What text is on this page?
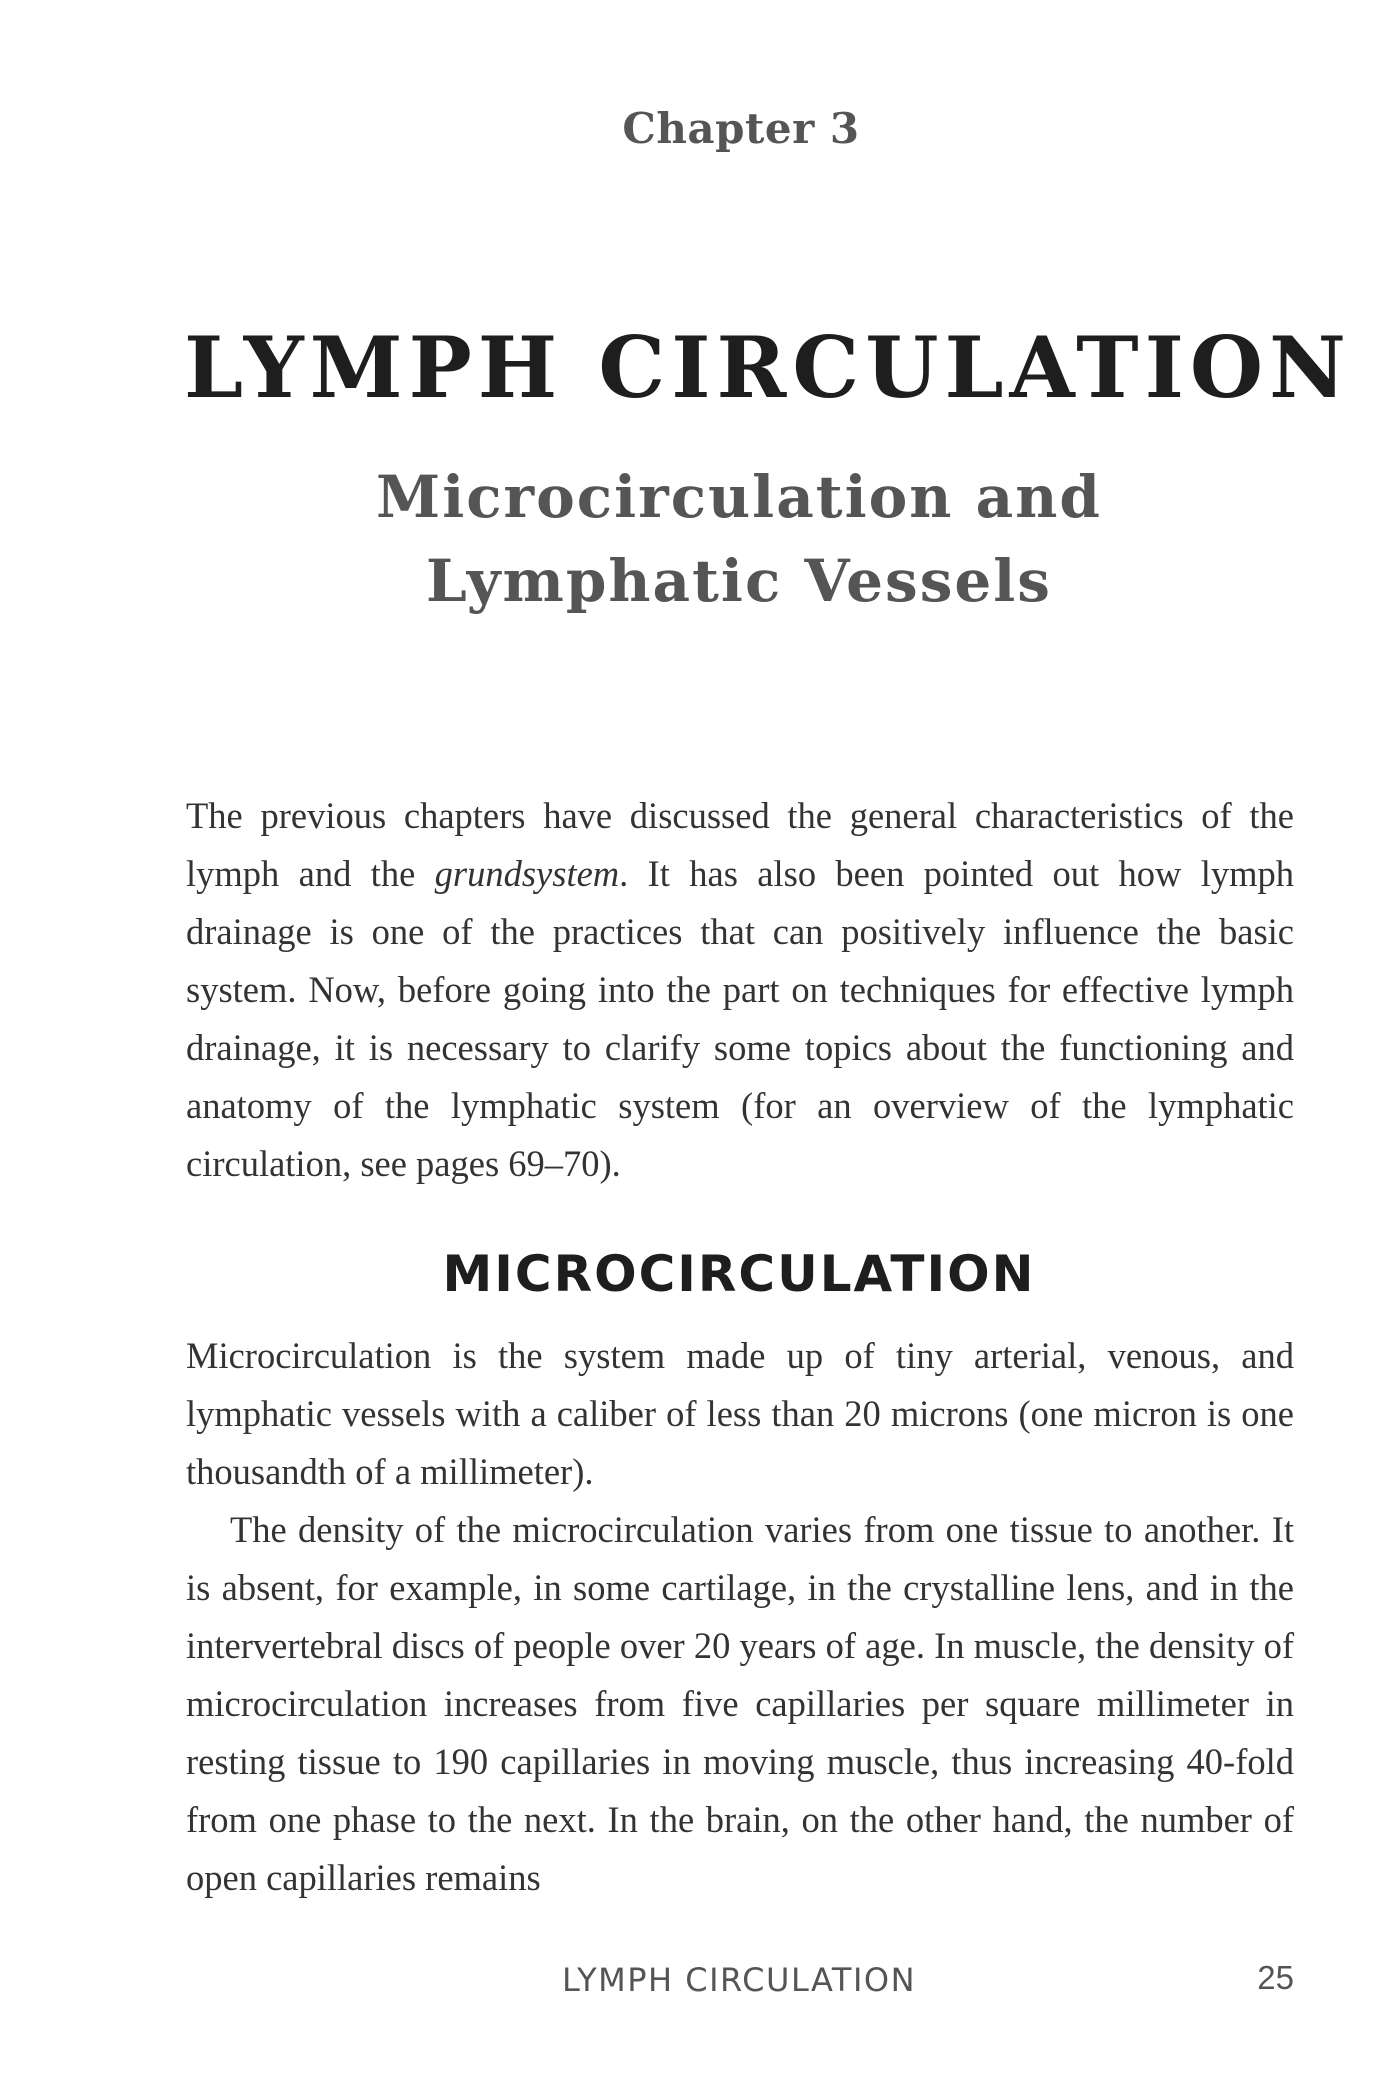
Chapter 3
LYMPH CIRCULATION
Microcirculation and
Lymphatic Vessels

The previous chapters have discussed the general characteristics of the lymph and the grundsystem. It has also been pointed out how lymph drainage is one of the practices that can positively influence the basic system. Now, before going into the part on techniques for effective lymph drainage, it is necessary to clarify some topics about the functioning and anatomy of the lymphatic system (for an overview of the lymphatic circulation, see pages 69–70).

MICROCIRCULATION

Microcirculation is the system made up of tiny arterial, venous, and lymphatic vessels with a caliber of less than 20 microns (one micron is one thousandth of a millimeter).

The density of the microcirculation varies from one tissue to another. It is absent, for example, in some cartilage, in the crystalline lens, and in the intervertebral discs of people over 20 years of age. In muscle, the density of microcirculation increases from five capillaries per square millimeter in resting tissue to 190 capillaries in moving muscle, thus increasing 40-fold from one phase to the next. In the brain, on the other hand, the number of open capillaries remains

LYMPH CIRCULATION	25
